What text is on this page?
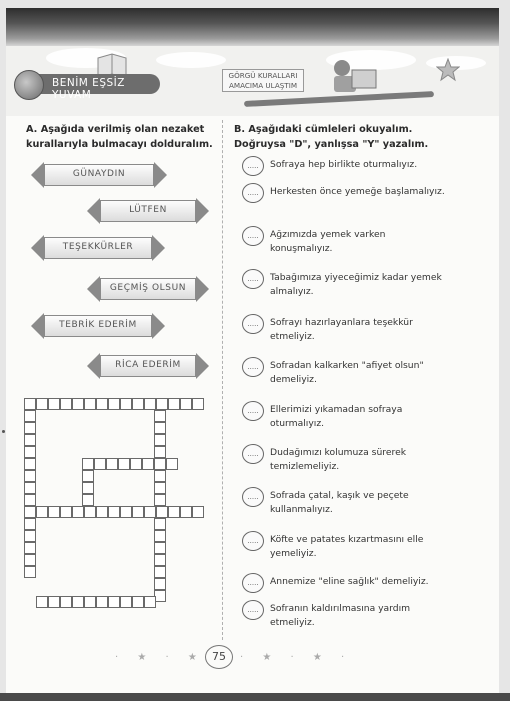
BENİM EŞSİZ YUVAM
GÖRGÜ KURALLARI
AMACIMA ULAŞTIM
A. Aşağıda verilmiş olan nezaket kurallarıyla bulmacayı dolduralım.
GÜNAYDIN
LÜTFEN
TEŞEKKÜRLER
GEÇMİŞ OLSUN
TEBRİK EDERİM
RİCA EDERİM
B. Aşağıdaki cümleleri okuyalım. Doğruysa "D", yanlışsa "Y" yazalım.
.....	Sofraya hep birlikte oturmalıyız.
.....	Herkesten önce yemeğe başlamalıyız.
.....	Ağzımızda yemek varken konuşmalıyız.
.....	Tabağımıza yiyeceğimiz kadar yemek almalıyız.
.....	Sofrayı hazırlayanlara teşekkür etmeliyiz.
.....	Sofradan kalkarken "afiyet olsun" demeliyiz.
.....	Ellerimizi yıkamadan sofraya oturmalıyız.
.....	Dudağımızı kolumuza sürerek temizlemeliyiz.
.....	Sofrada çatal, kaşık ve peçete kullanmalıyız.
.....	Köfte ve patates kızartmasını elle yemeliyiz.
.....	Annemize "eline sağlık" demeliyiz.
.....	Sofranın kaldırılmasına yardım etmeliyiz.
· ★ · ★	· ★ · ★ ·
75
